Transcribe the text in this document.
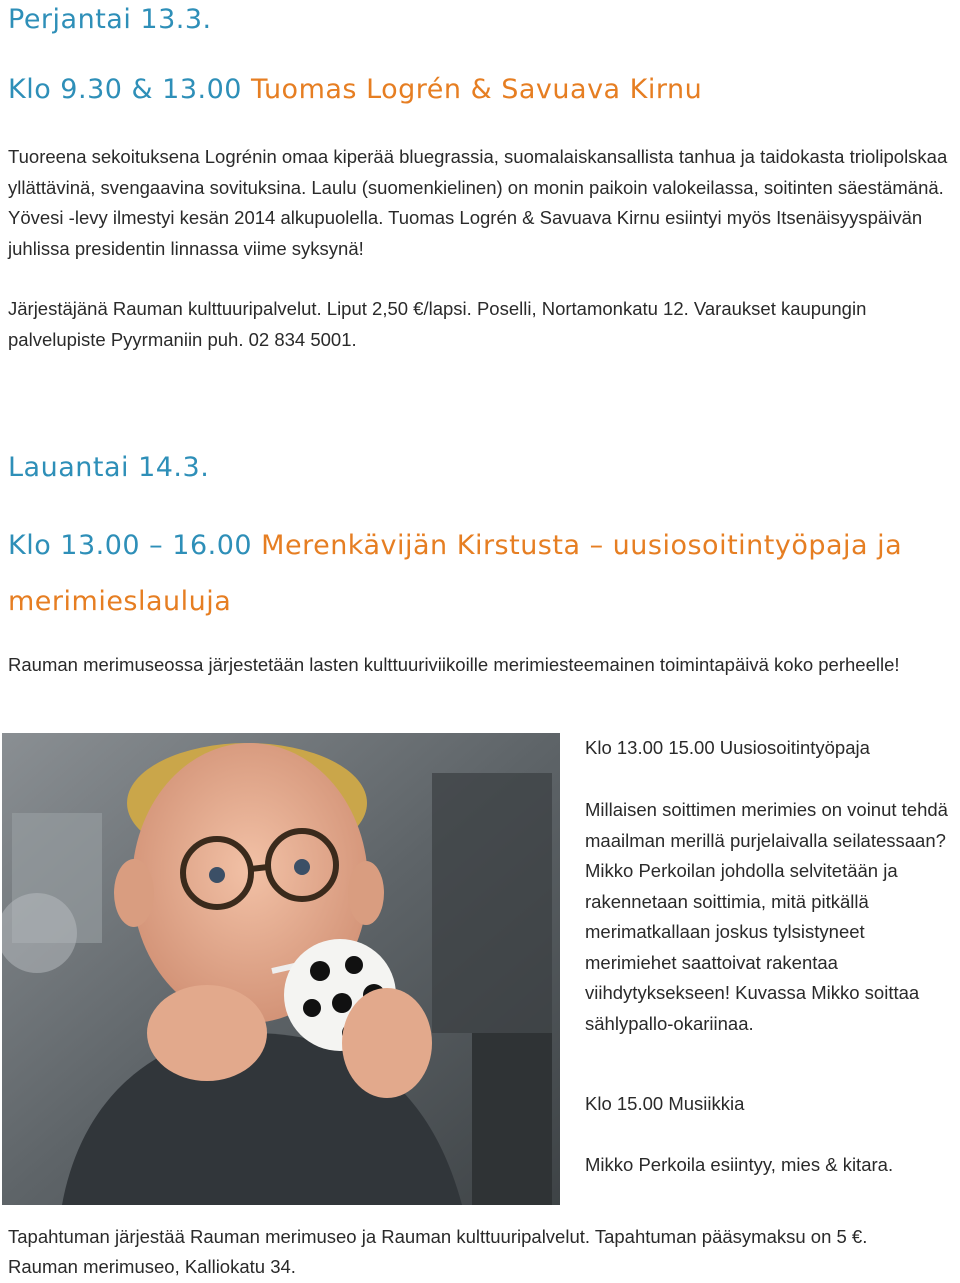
Perjantai 13.3.
Klo 9.30 & 13.00 Tuomas Logrén & Savuava Kirnu

Tuoreena sekoituksena Logrénin omaa kiperää bluegrassia, suomalaiskansallista tanhua ja taidokasta triolipolskaa yllättävinä, svengaavina sovituksina. Laulu (suomenkielinen) on monin paikoin valokeilassa, soitinten säestämänä. Yövesi -levy ilmestyi kesän 2014 alkupuolella. Tuomas Logrén & Savuava Kirnu esiintyi myös Itsenäisyyspäivän juhlissa presidentin linnassa viime syksynä!

Järjestäjänä Rauman kulttuuripalvelut. Liput 2,50 €/lapsi. Poselli, Nortamonkatu 12. Varaukset kaupungin palvelupiste Pyyrmaniin puh. 02 834 5001.

Lauantai 14.3.
Klo 13.00 – 16.00 Merenkävijän Kirstusta – uusiosoitintyöpaja ja merimieslauluja

Rauman merimuseossa järjestetään lasten kulttuuriviikoille merimiesteemainen toimintapäivä koko perheelle!

Klo 13.00 15.00 Uusiosoitintyöpaja

Millaisen soittimen merimies on voinut tehdä maailman merillä purjelaivalla seilatessaan? Mikko Perkoilan johdolla selvitetään ja rakennetaan soittimia, mitä pitkällä merimatkallaan joskus tylsistyneet merimiehet saattoivat rakentaa viihdytyksekseen! Kuvassa Mikko soittaa sählypallo-okariinaa.

Klo 15.00 Musiikkia

Mikko Perkoila esiintyy, mies & kitara.

Tapahtuman järjestää Rauman merimuseo ja Rauman kulttuuripalvelut. Tapahtuman pääsymaksu on 5 €.

Rauman merimuseo, Kalliokatu 34.
